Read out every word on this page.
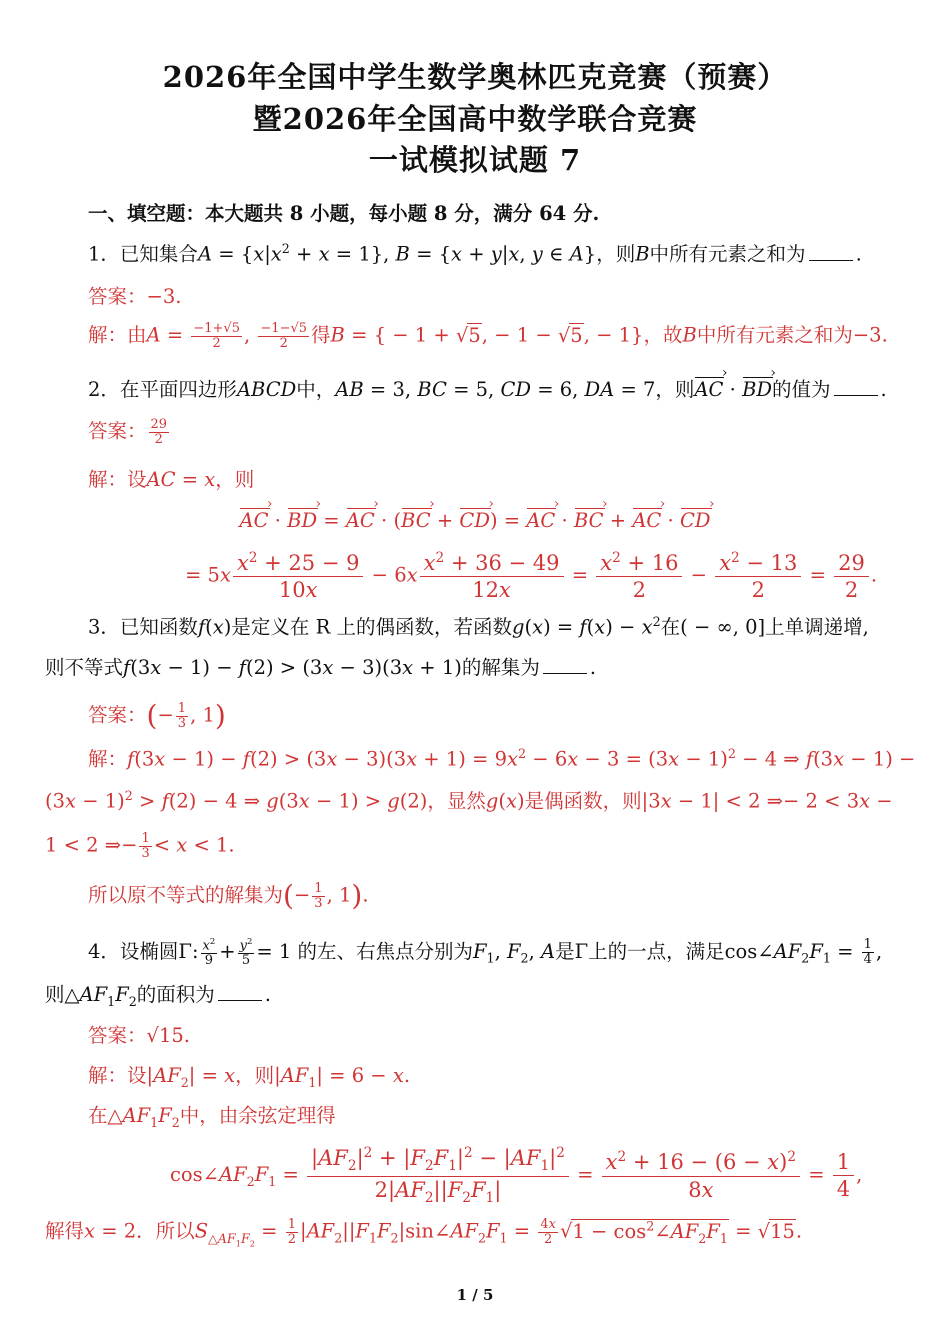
2026年全国中学生数学奥林匹克竞赛（预赛）
暨2026年全国高中数学联合竞赛
一试模拟试题 7
一、填空题：本大题共 8 小题，每小题 8 分，满分 64 分.
1．已知集合$A = \{x|x^2 + x = 1\}$, B = {x + y|x, y ∈ A}，则B中所有元素之和为	.
答案：−3.
解：由$A = \frac{-1+√5}{2}$ , $\frac{-1-√5}{2}$ 得B = { − 1 + √5, − 1 − √5, − 1}，故B中所有元素之和为−3.
2．在平面四边形ABCD中，AB = 3, BC = 5, CD = 6, DA = 7，则› AC · › BD的值为	.
答案： $\frac{29}{2}$
解：设AC = x，则
› AC · › BD = › AC · (› BC + › CD) = › AC · › BC + › AC · › CD
= $5x \frac{x^2 + 25 - 9}{10x} - 6x \frac{x^2 + 36 - 49}{12x} = \frac{x^2 + 16}{2} - \frac{x^2 - 13}{2} = \frac{29}{2}$ .
3．已知函数f(x)是定义在 R 上的偶函数，若函数$g(x) = f(x) - x^2$在( − ∞, 0]上单调递增,
则不等式f(3x − 1) − f(2) > (3x − 3)(3x + 1)的解集为	.
答案：(− $\frac{1}{3}$ , 1)
解：$f(3x - 1) - f(2) > (3x - 3)(3x + 1) = 9x^2 - 6x - 3 = (3x - 1)^2 - 4$ ⇒ f(3x − 1) −
$(3x - 1)^2 > f(2) - 4$ ⇒ g(3x − 1) > g(2)，显然g(x)是偶函数，则|3x − 1| < 2 ⇒− 2 < 3x −
1 < 2 ⇒− $\frac{1}{3} < x < 1$.
所以原不等式的解集为(− $\frac{1}{3}$ , 1).
4．设椭圆Γ: $\frac{x^2}{9} + \frac{y^2}{5} = 1$ 的左、右焦点分别为$F_1$, $F_2$, A是Γ上的一点，满足$\cos\angle AF_2F_1 = \frac{1}{4}$ ,
则$\triangle AF_1F_2$的面积为	.
答案：√15.
解：设$|AF_2| = x$，则$|AF_1| = 6 - x$.
在$\triangle AF_1F_2$中，由余弦定理得
$\cos\angle AF_2F_1 = \frac{|AF_2|^2 + |F_2F_1|^2 - |AF_1|^2}{2|AF_2||F_2F_1|} = \frac{x^2 + 16 - (6 - x)^2}{8x} = \frac{1}{4}$ ,
解得x = 2．所以$S_{\triangle AF_1F_2} = \frac{1}{2}$ $|AF_2||F_1F_2|\sin\angle AF_2F_1 = \frac{4x}{2} √1$ − $\cos^2\angle AF_2F_1 = √15$.
1 / 5
